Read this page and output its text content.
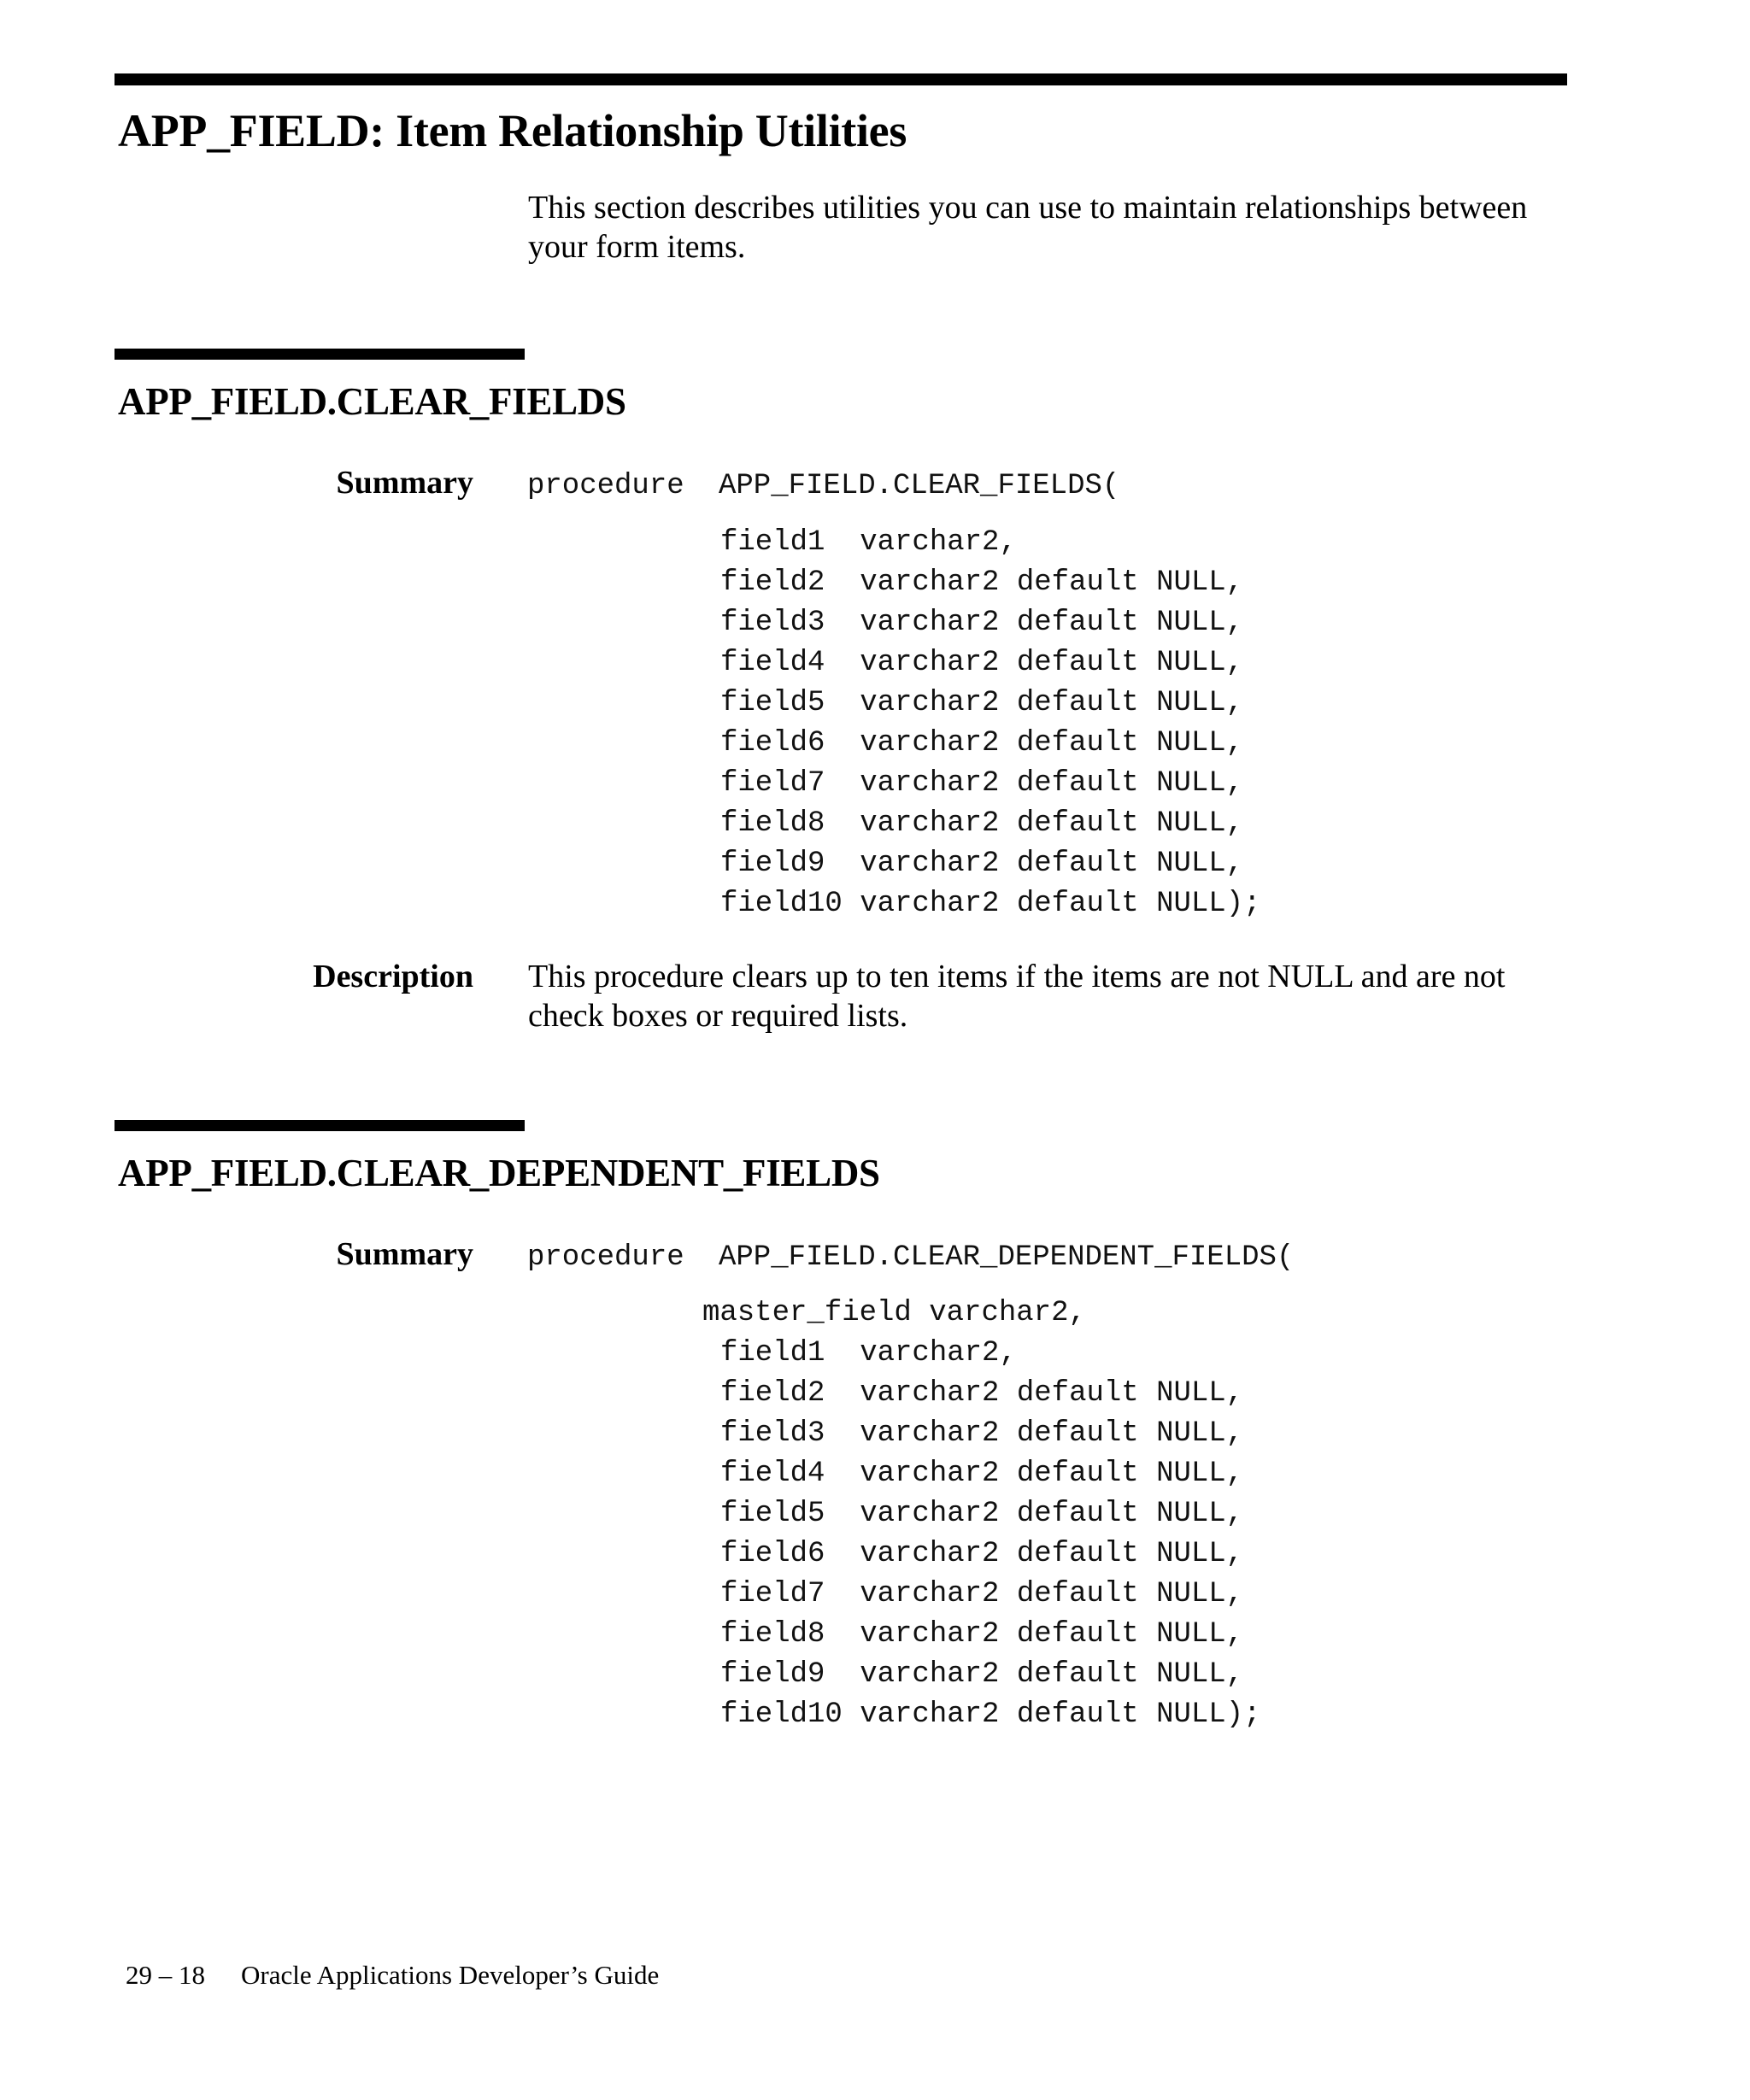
APP_FIELD: Item Relationship Utilities

This section describes utilities you can use to maintain relationships between your form items.

APP_FIELD.CLEAR_FIELDS
Summary procedure APP_FIELD.CLEAR_FIELDS(
field1  varchar2,
field2  varchar2 default NULL,
field3  varchar2 default NULL,
field4  varchar2 default NULL,
field5  varchar2 default NULL,
field6  varchar2 default NULL,
field7  varchar2 default NULL,
field8  varchar2 default NULL,
field9  varchar2 default NULL,
field10 varchar2 default NULL);
Description This procedure clears up to ten items if the items are not NULL and are not check boxes or required lists.

APP_FIELD.CLEAR_DEPENDENT_FIELDS
Summary procedure APP_FIELD.CLEAR_DEPENDENT_FIELDS(
master_field varchar2,
field1  varchar2,
field2  varchar2 default NULL,
field3  varchar2 default NULL,
field4  varchar2 default NULL,
field5  varchar2 default NULL,
field6  varchar2 default NULL,
field7  varchar2 default NULL,
field8  varchar2 default NULL,
field9  varchar2 default NULL,
field10 varchar2 default NULL);
29 – 18 Oracle Applications Developer’s Guide
